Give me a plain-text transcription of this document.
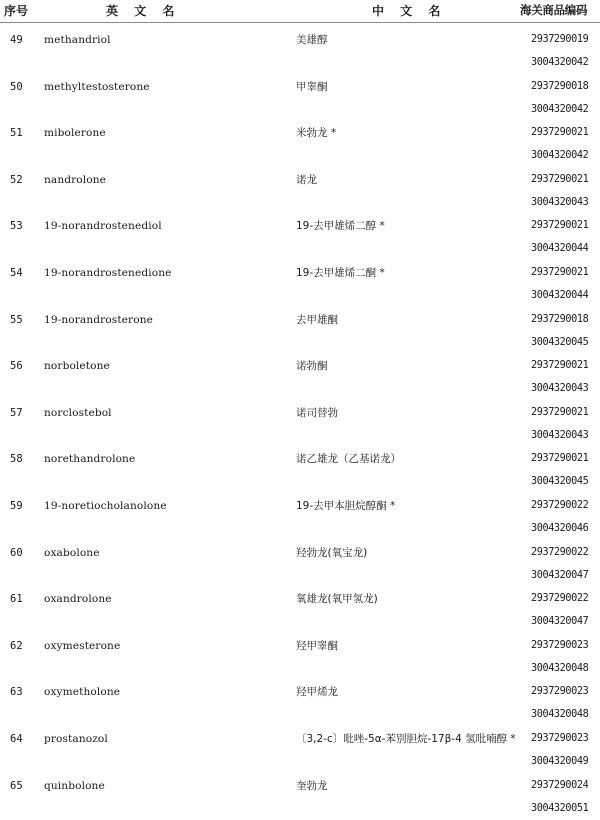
序号	英 文 名	中 文 名	海关商品编码
49 methandriol	美雄醇	2937290019
3004320042
50 methyltestosterone	甲睾酮	2937290018
3004320042
51 mibolerone	米勃龙 *	2937290021
3004320042
52 nandrolone	诺龙	2937290021
3004320043
53 19-norandrostenediol	19-去甲雄烯二醇 *	2937290021
3004320044
54 19-norandrostenedione	19-去甲雄烯二酮 *	2937290021
3004320044
55 19-norandrosterone	去甲雄酮	2937290018
3004320045
56 norboletone	诺勃酮	2937290021
3004320043
57 norclostebol	诺司替勃	2937290021
3004320043
58 norethandrolone	诺乙雄龙（乙基诺龙）	2937290021
3004320045
59 19-noretiocholanolone	19-去甲本胆烷醇酮 *	2937290022
3004320046
60 oxabolone	羟勃龙(氧宝龙)	2937290022
3004320047
61 oxandrolone	氧雄龙(氧甲氢龙)	2937290022
3004320047
62 oxymesterone	羟甲睾酮	2937290023
3004320048
63 oxymetholone	羟甲烯龙	2937290023
3004320048
64 prostanozol	〔3,2-c〕吡唑-5α-苯别胆烷-17β-4 氢吡喃醇 *	2937290023
3004320049
65 quinbolone	奎勃龙	2937290024
3004320051
